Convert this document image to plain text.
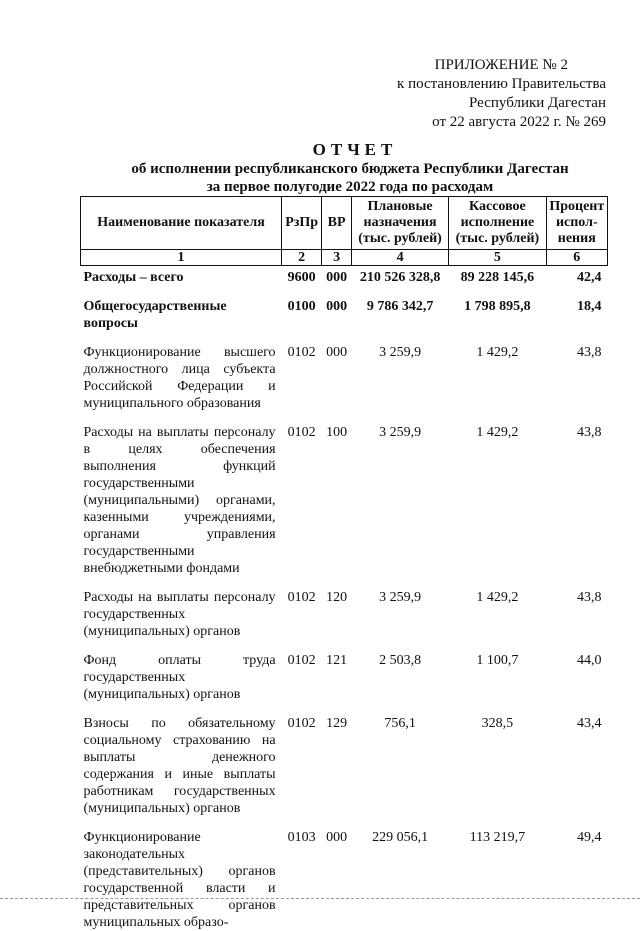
ПРИЛОЖЕНИЕ № 2
к постановлению Правительства
Республики Дагестан
от 22 августа 2022 г. № 269
ОТЧЕТ
об исполнении республиканского бюджета Республики Дагестан
за первое полугодие 2022 года по расходам
Наименование показателя	РзПр	ВР	Плановые назначения (тыс. рублей)	Кассовое исполнение (тыс. рублей)	Процент испол- нения
1	2	3	4	5	6
Расходы – всего	9600	000	210 526 328,8	89 228 145,6	42,4
Общегосударственные вопросы	0100	000	9 786 342,7	1 798 895,8	18,4
Функционирование высшего должностного лица субъекта Российской Федерации и муниципального образования	0102	000	3 259,9	1 429,2	43,8
Расходы на выплаты персоналу в целях обеспечения выполнения функций государственными (муниципальными) органами, казенными учреждениями, органами управления государственными внебюджетными фондами	0102	100	3 259,9	1 429,2	43,8
Расходы на выплаты персоналу государственных (муниципальных) органов	0102	120	3 259,9	1 429,2	43,8
Фонд оплаты труда государственных (муниципальных) органов	0102	121	2 503,8	1 100,7	44,0
Взносы по обязательному социальному страхованию на выплаты денежного содержания и иные выплаты работникам государственных (муниципальных) органов	0102	129	756,1	328,5	43,4
Функционирование законодательных (представительных) органов государственной власти и представительных органов муниципальных образо-	0103	000	229 056,1	113 219,7	49,4
